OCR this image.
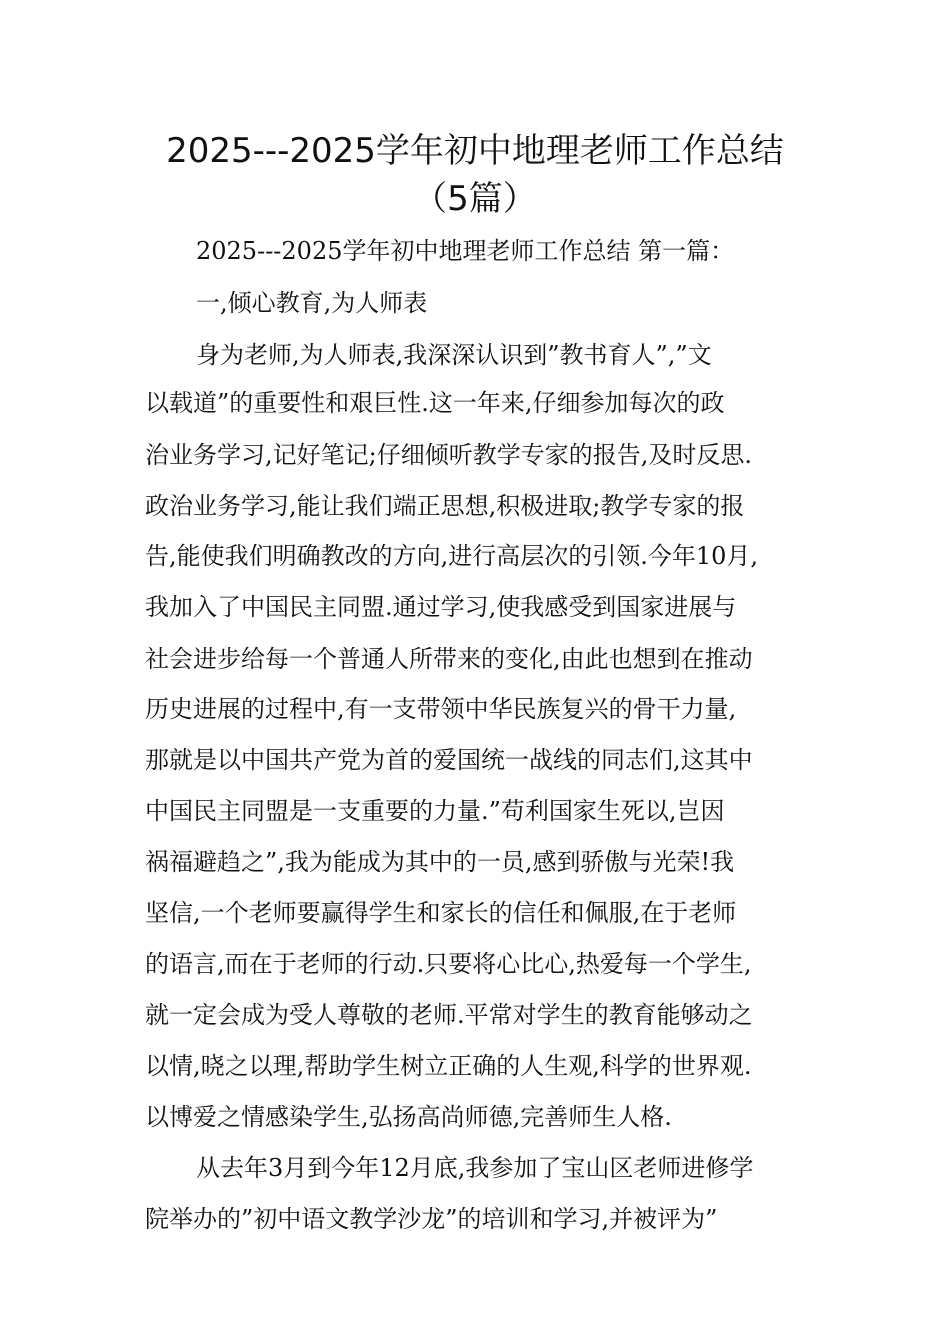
2025---2025学年初中地理老师工作总结
（5篇）
2025---2025学年初中地理老师工作总结 第一篇：
一,倾心教育,为人师表
身为老师,为人师表,我深深认识到”教书育人”,”文
以载道”的重要性和艰巨性.这一年来,仔细参加每次的政
治业务学习,记好笔记;仔细倾听教学专家的报告,及时反思.
政治业务学习,能让我们端正思想,积极进取;教学专家的报
告,能使我们明确教改的方向,进行高层次的引领.今年10月,
我加入了中国民主同盟.通过学习,使我感受到国家进展与
社会进步给每一个普通人所带来的变化,由此也想到在推动
历史进展的过程中,有一支带领中华民族复兴的骨干力量,
那就是以中国共产党为首的爱国统一战线的同志们,这其中
中国民主同盟是一支重要的力量.”苟利国家生死以,岂因
祸福避趋之”,我为能成为其中的一员,感到骄傲与光荣!我
坚信,一个老师要赢得学生和家长的信任和佩服,在于老师
的语言,而在于老师的行动.只要将心比心,热爱每一个学生,
就一定会成为受人尊敬的老师.平常对学生的教育能够动之
以情,晓之以理,帮助学生树立正确的人生观,科学的世界观.
以博爱之情感染学生,弘扬高尚师德,完善师生人格.
从去年3月到今年12月底,我参加了宝山区老师进修学
院举办的”初中语文教学沙龙”的培训和学习,并被评为”
